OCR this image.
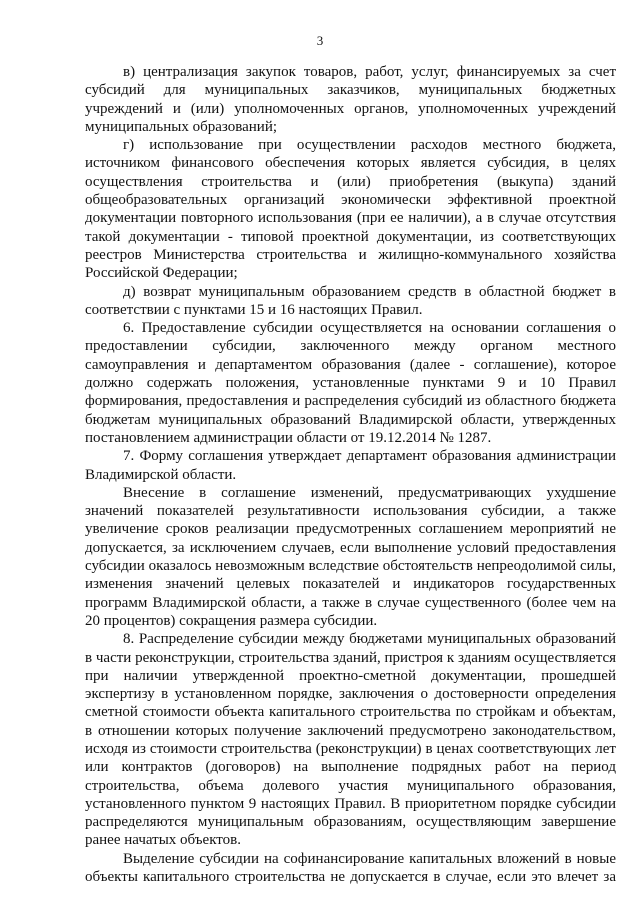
3

в) централизация закупок товаров, работ, услуг, финансируемых за счет субсидий для муниципальных заказчиков, муниципальных бюджетных учреждений и (или) уполномоченных органов, уполномоченных учреждений муниципальных образований;

г) использование при осуществлении расходов местного бюджета, источником финансового обеспечения которых является субсидия, в целях осуществления строительства и (или) приобретения (выкупа) зданий общеобразовательных организаций экономически эффективной проектной документации повторного использования (при ее наличии), а в случае отсутствия такой документации - типовой проектной документации, из соответствующих реестров Министерства строительства и жилищно-коммунального хозяйства Российской Федерации;

д) возврат муниципальным образованием средств в областной бюджет в соответствии с пунктами 15 и 16 настоящих Правил.

6. Предоставление субсидии осуществляется на основании соглашения о предоставлении субсидии, заключенного между органом местного самоуправления и департаментом образования (далее - соглашение), которое должно содержать положения, установленные пунктами 9 и 10 Правил формирования, предоставления и распределения субсидий из областного бюджета бюджетам муниципальных образований Владимирской области, утвержденных постановлением администрации области от 19.12.2014 № 1287.

7. Форму соглашения утверждает департамент образования администрации Владимирской области.

Внесение в соглашение изменений, предусматривающих ухудшение значений показателей результативности использования субсидии, а также увеличение сроков реализации предусмотренных соглашением мероприятий не допускается, за исключением случаев, если выполнение условий предоставления субсидии оказалось невозможным вследствие обстоятельств непреодолимой силы, изменения значений целевых показателей и индикаторов государственных программ Владимирской области, а также в случае существенного (более чем на 20 процентов) сокращения размера субсидии.

8. Распределение субсидии между бюджетами муниципальных образований в части реконструкции, строительства зданий, пристроя к зданиям осуществляется при наличии утвержденной проектно-сметной документации, прошедшей экспертизу в установленном порядке, заключения о достоверности определения сметной стоимости объекта капитального строительства по стройкам и объектам, в отношении которых получение заключений предусмотрено законодательством, исходя из стоимости строительства (реконструкции) в ценах соответствующих лет или контрактов (договоров) на выполнение подрядных работ на период строительства, объема долевого участия муниципального образования, установленного пунктом 9 настоящих Правил. В приоритетном порядке субсидии распределяются муниципальным образованиям, осуществляющим завершение ранее начатых объектов.

Выделение субсидии на софинансирование капитальных вложений в новые объекты капитального строительства не допускается в случае, если это влечет за
